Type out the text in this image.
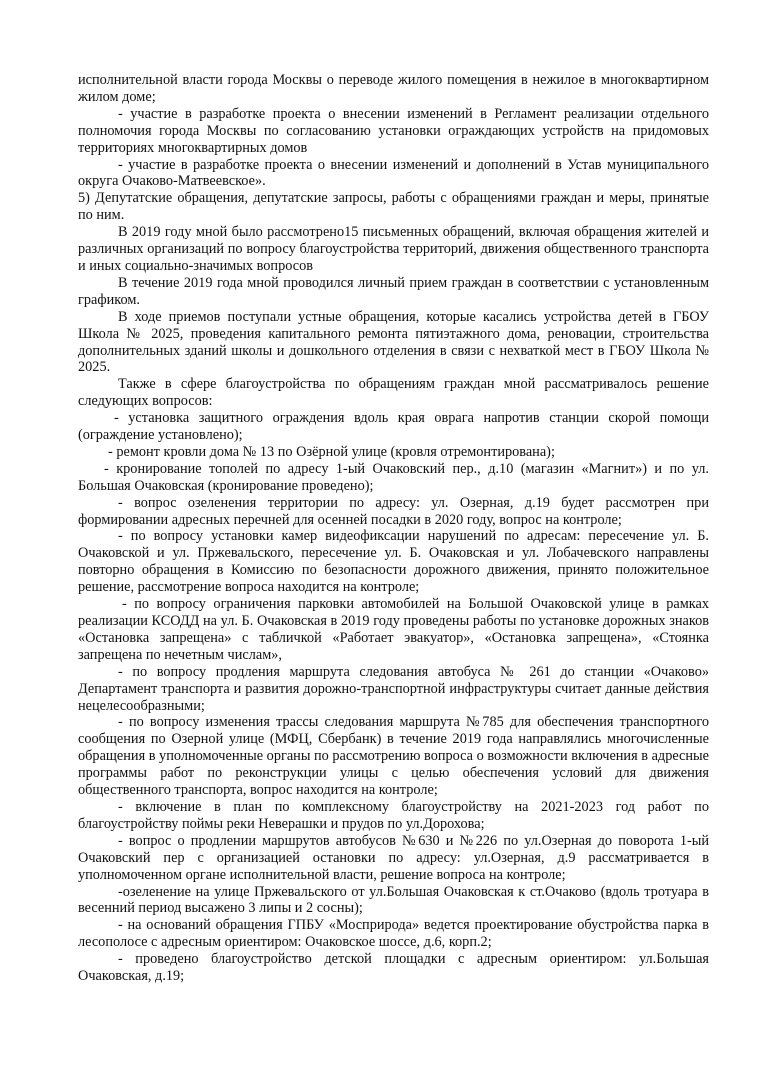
исполнительной власти города Москвы о переводе жилого помещения в нежилое в многоквартирном жилом доме;

- участие в разработке проекта о внесении изменений в Регламент реализации отдельного полномочия города Москвы по согласованию установки ограждающих устройств на придомовых территориях многоквартирных домов

- участие в разработке проекта о внесении изменений и дополнений в Устав муниципального округа Очаково-Матвеевское».

5) Депутатские обращения, депутатские запросы, работы с обращениями граждан и меры, принятые по ним.

В 2019 году мной было рассмотрено15 письменных обращений, включая обращения жителей и различных организаций по вопросу благоустройства территорий, движения общественного транспорта и иных социально-значимых вопросов

В течение 2019 года мной проводился личный прием граждан в соответствии с установленным графиком.

В ходе приемов поступали устные обращения, которые касались устройства детей в ГБОУ Школа № 2025, проведения капитального ремонта пятиэтажного дома, реновации, строительства дополнительных зданий школы и дошкольного отделения в связи с нехваткой мест в ГБОУ Школа № 2025.

Также в сфере благоустройства по обращениям граждан мной рассматривалось решение следующих вопросов:

- установка защитного ограждения вдоль края оврага напротив станции скорой помощи (ограждение установлено);

- ремонт кровли дома № 13 по Озёрной улице (кровля отремонтирована);

- кронирование тополей по адресу 1-ый Очаковский пер., д.10 (магазин «Магнит») и по ул. Большая Очаковская (кронирование проведено);

- вопрос озеленения территории по адресу: ул. Озерная, д.19 будет рассмотрен при формировании адресных перечней для осенней посадки в 2020 году, вопрос на контроле;

- по вопросу установки камер видеофиксации нарушений по адресам: пересечение ул. Б. Очаковской и ул. Пржевальского, пересечение ул. Б. Очаковская и ул. Лобачевского направлены повторно обращения в Комиссию по безопасности дорожного движения, принято положительное решение, рассмотрение вопроса находится на контроле;

- по вопросу ограничения парковки автомобилей на Большой Очаковской улице в рамках реализации КСОДД на ул. Б. Очаковская в 2019 году проведены работы по установке дорожных знаков «Остановка запрещена» с табличкой «Работает эвакуатор», «Остановка запрещена», «Стоянка запрещена по нечетным числам»,

- по вопросу продления маршрута следования автобуса № 261 до станции «Очаково» Департамент транспорта и развития дорожно-транспортной инфраструктуры считает данные действия нецелесообразными;

- по вопросу изменения трассы следования маршрута №785 для обеспечения транспортного сообщения по Озерной улице (МФЦ, Сбербанк) в течение 2019 года направлялись многочисленные обращения в уполномоченные органы по рассмотрению вопроса о возможности включения в адресные программы работ по реконструкции улицы с целью обеспечения условий для движения общественного транспорта, вопрос находится на контроле;

- включение в план по комплексному благоустройству на 2021-2023 год работ по благоустройству поймы реки Неверашки и прудов по ул.Дорохова;

- вопрос о продлении маршрутов автобусов №630 и №226 по ул.Озерная до поворота 1-ый Очаковский пер с организацией остановки по адресу: ул.Озерная, д.9 рассматривается в уполномоченном органе исполнительной власти, решение вопроса на контроле;

-озеленение на улице Пржевальского от ул.Большая Очаковская к ст.Очаково (вдоль тротуара в весенний период высажено 3 липы и 2 сосны);

- на оснований обращения ГПБУ «Мосприрода» ведется проектирование обустройства парка в лесополосе с адресным ориентиром: Очаковское шоссе, д.6, корп.2;

- проведено благоустройство детской площадки с адресным ориентиром: ул.Большая Очаковская, д.19;
